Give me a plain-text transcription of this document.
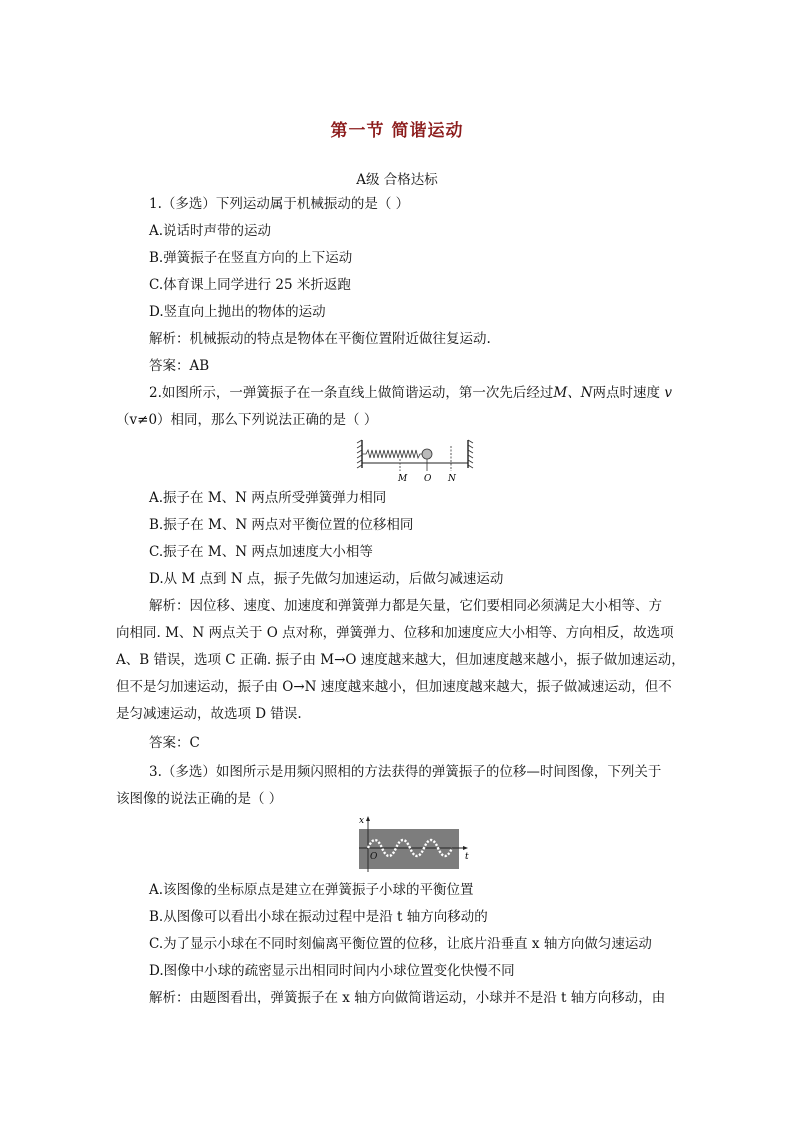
第一节 简谐运动
A级 合格达标
1.（多选）下列运动属于机械振动的是（ ）
A.说话时声带的运动
B.弹簧振子在竖直方向的上下运动
C.体育课上同学进行 25 米折返跑
D.竖直向上抛出的物体的运动
解析：机械振动的特点是物体在平衡位置附近做往复运动.
答案：AB
2.如图所示，一弹簧振子在一条直线上做简谐运动，第一次先后经过M、N两点时速度 v
（v≠0）相同，那么下列说法正确的是（ ）
M O N
A.振子在 M、N 两点所受弹簧弹力相同
B.振子在 M、N 两点对平衡位置的位移相同
C.振子在 M、N 两点加速度大小相等
D.从 M 点到 N 点，振子先做匀加速运动，后做匀减速运动
解析：因位移、速度、加速度和弹簧弹力都是矢量，它们要相同必须满足大小相等、方
向相同. M、N 两点关于 O 点对称，弹簧弹力、位移和加速度应大小相等、方向相反，故选项
A、B 错误，选项 C 正确. 振子由 M→O 速度越来越大，但加速度越来越小，振子做加速运动，
但不是匀加速运动，振子由 O→N 速度越来越小，但加速度越来越大，振子做减速运动，但不
是匀减速运动，故选项 D 错误.
答案：C
3.（多选）如图所示是用频闪照相的方法获得的弹簧振子的位移—时间图像，下列关于
该图像的说法正确的是（ ）
x
O	t
A.该图像的坐标原点是建立在弹簧振子小球的平衡位置
B.从图像可以看出小球在振动过程中是沿 t 轴方向移动的
C.为了显示小球在不同时刻偏离平衡位置的位移，让底片沿垂直 x 轴方向做匀速运动
D.图像中小球的疏密显示出相同时间内小球位置变化快慢不同
解析：由题图看出，弹簧振子在 x 轴方向做简谐运动，小球并不是沿 t 轴方向移动，由
